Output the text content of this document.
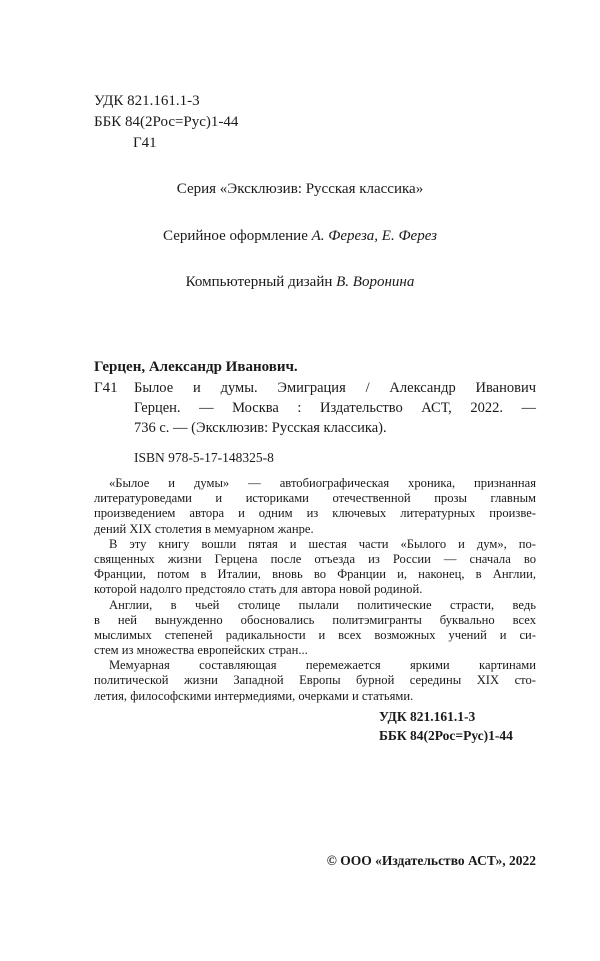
УДК 821.161.1-3
ББК 84(2Рос=Рус)1-44
Г41
Серия «Эксклюзив: Русская классика»
Серийное оформление А. Фереза, Е. Ферез
Компьютерный дизайн В. Воронина
Герцен, Александр Иванович.
Г41 Былое и думы. Эмиграция / Александр Иванович
Герцен. — Москва : Издательство АСТ, 2022. —
736 с. — (Эксклюзив: Русская классика).
ISBN 978-5-17-148325-8
«Былое и думы» — автобиографическая хроника, признанная
литературоведами и историками отечественной прозы главным
произведением автора и одним из ключевых литературных произве-
дений XIX столетия в мемуарном жанре.
В эту книгу вошли пятая и шестая части «Былого и дум», по-
священных жизни Герцена после отъезда из России — сначала во
Франции, потом в Италии, вновь во Франции и, наконец, в Англии,
которой надолго предстояло стать для автора новой родиной.
Англии, в чьей столице пылали политические страсти, ведь
в ней вынужденно обосновались политэмигранты буквально всех
мыслимых степеней радикальности и всех возможных учений и си-
стем из множества европейских стран...
Мемуарная составляющая перемежается яркими картинами
политической жизни Западной Европы бурной середины XIX сто-
летия, философскими интермедиями, очерками и статьями.
УДК 821.161.1-3
ББК 84(2Рос=Рус)1-44
© ООО «Издательство АСТ», 2022
